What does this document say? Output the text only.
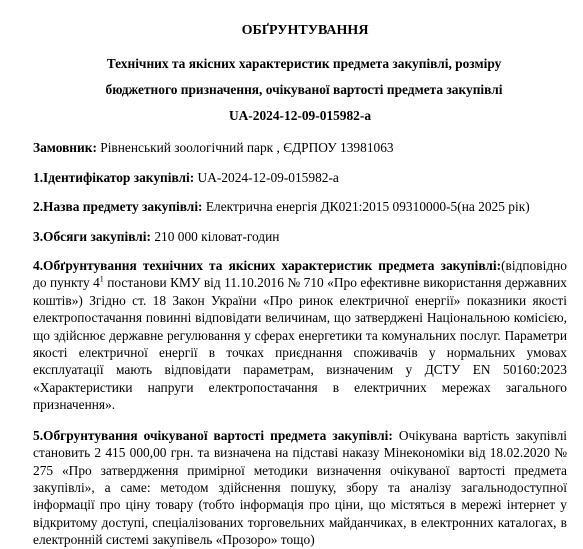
ОБҐРУНТУВАННЯ
Технічних та якісних характеристик предмета закупівлі, розміру
бюджетного призначення, очікуваної вартості предмета закупівлі
UA-2024-12-09-015982-а
Замовник: Рівненський зоологічний парк , ЄДРПОУ 13981063
1.Ідентифікатор закупівлі: UA-2024-12-09-015982-а
2.Назва предмету закупівлі: Електрична енергія ДК021:2015 09310000-5(на 2025 рік)
3.Обсяги закупівлі: 210 000 кіловат-годин
4.Обґрунтування технічних та якісних характеристик предмета закупівлі:(відповідно до пункту $4^1$ постанови КМУ від 11.10.2016 № 710 «Про ефективне використання державних коштів») Згідно ст. 18 Закон України «Про ринок електричної енергії» показники якості електропостачання повинні відповідати величинам, що затверджені Національною комісією, що здійснює державне регулювання у сферах енергетики та комунальних послуг. Параметри якості електричної енергії в точках приєднання споживачів у нормальних умовах експлуатації мають відповідати параметрам, визначеним у ДСТУ EN 50160:2023 «Характеристики напруги електропостачання в електричних мережах загального призначення».
5.Обгрунтування очікуваної вартості предмета закупівлі: Очікувана вартість закупівлі становить 2 415 000,00 грн. та визначена на підставі наказу Мінекономіки від 18.02.2020 № 275 «Про затвердження примірної методики визначення очікуваної вартості предмета закупівлі», а саме: методом здійснення пошуку, збору та аналізу загальнодоступної інформації про ціну товару (тобто інформація про ціни, що містяться в мережі інтернет у відкритому доступі, спеціалізованих торговельних майданчиках, в електронних каталогах, в електронній системі закупівель «Прозоро» тощо)
